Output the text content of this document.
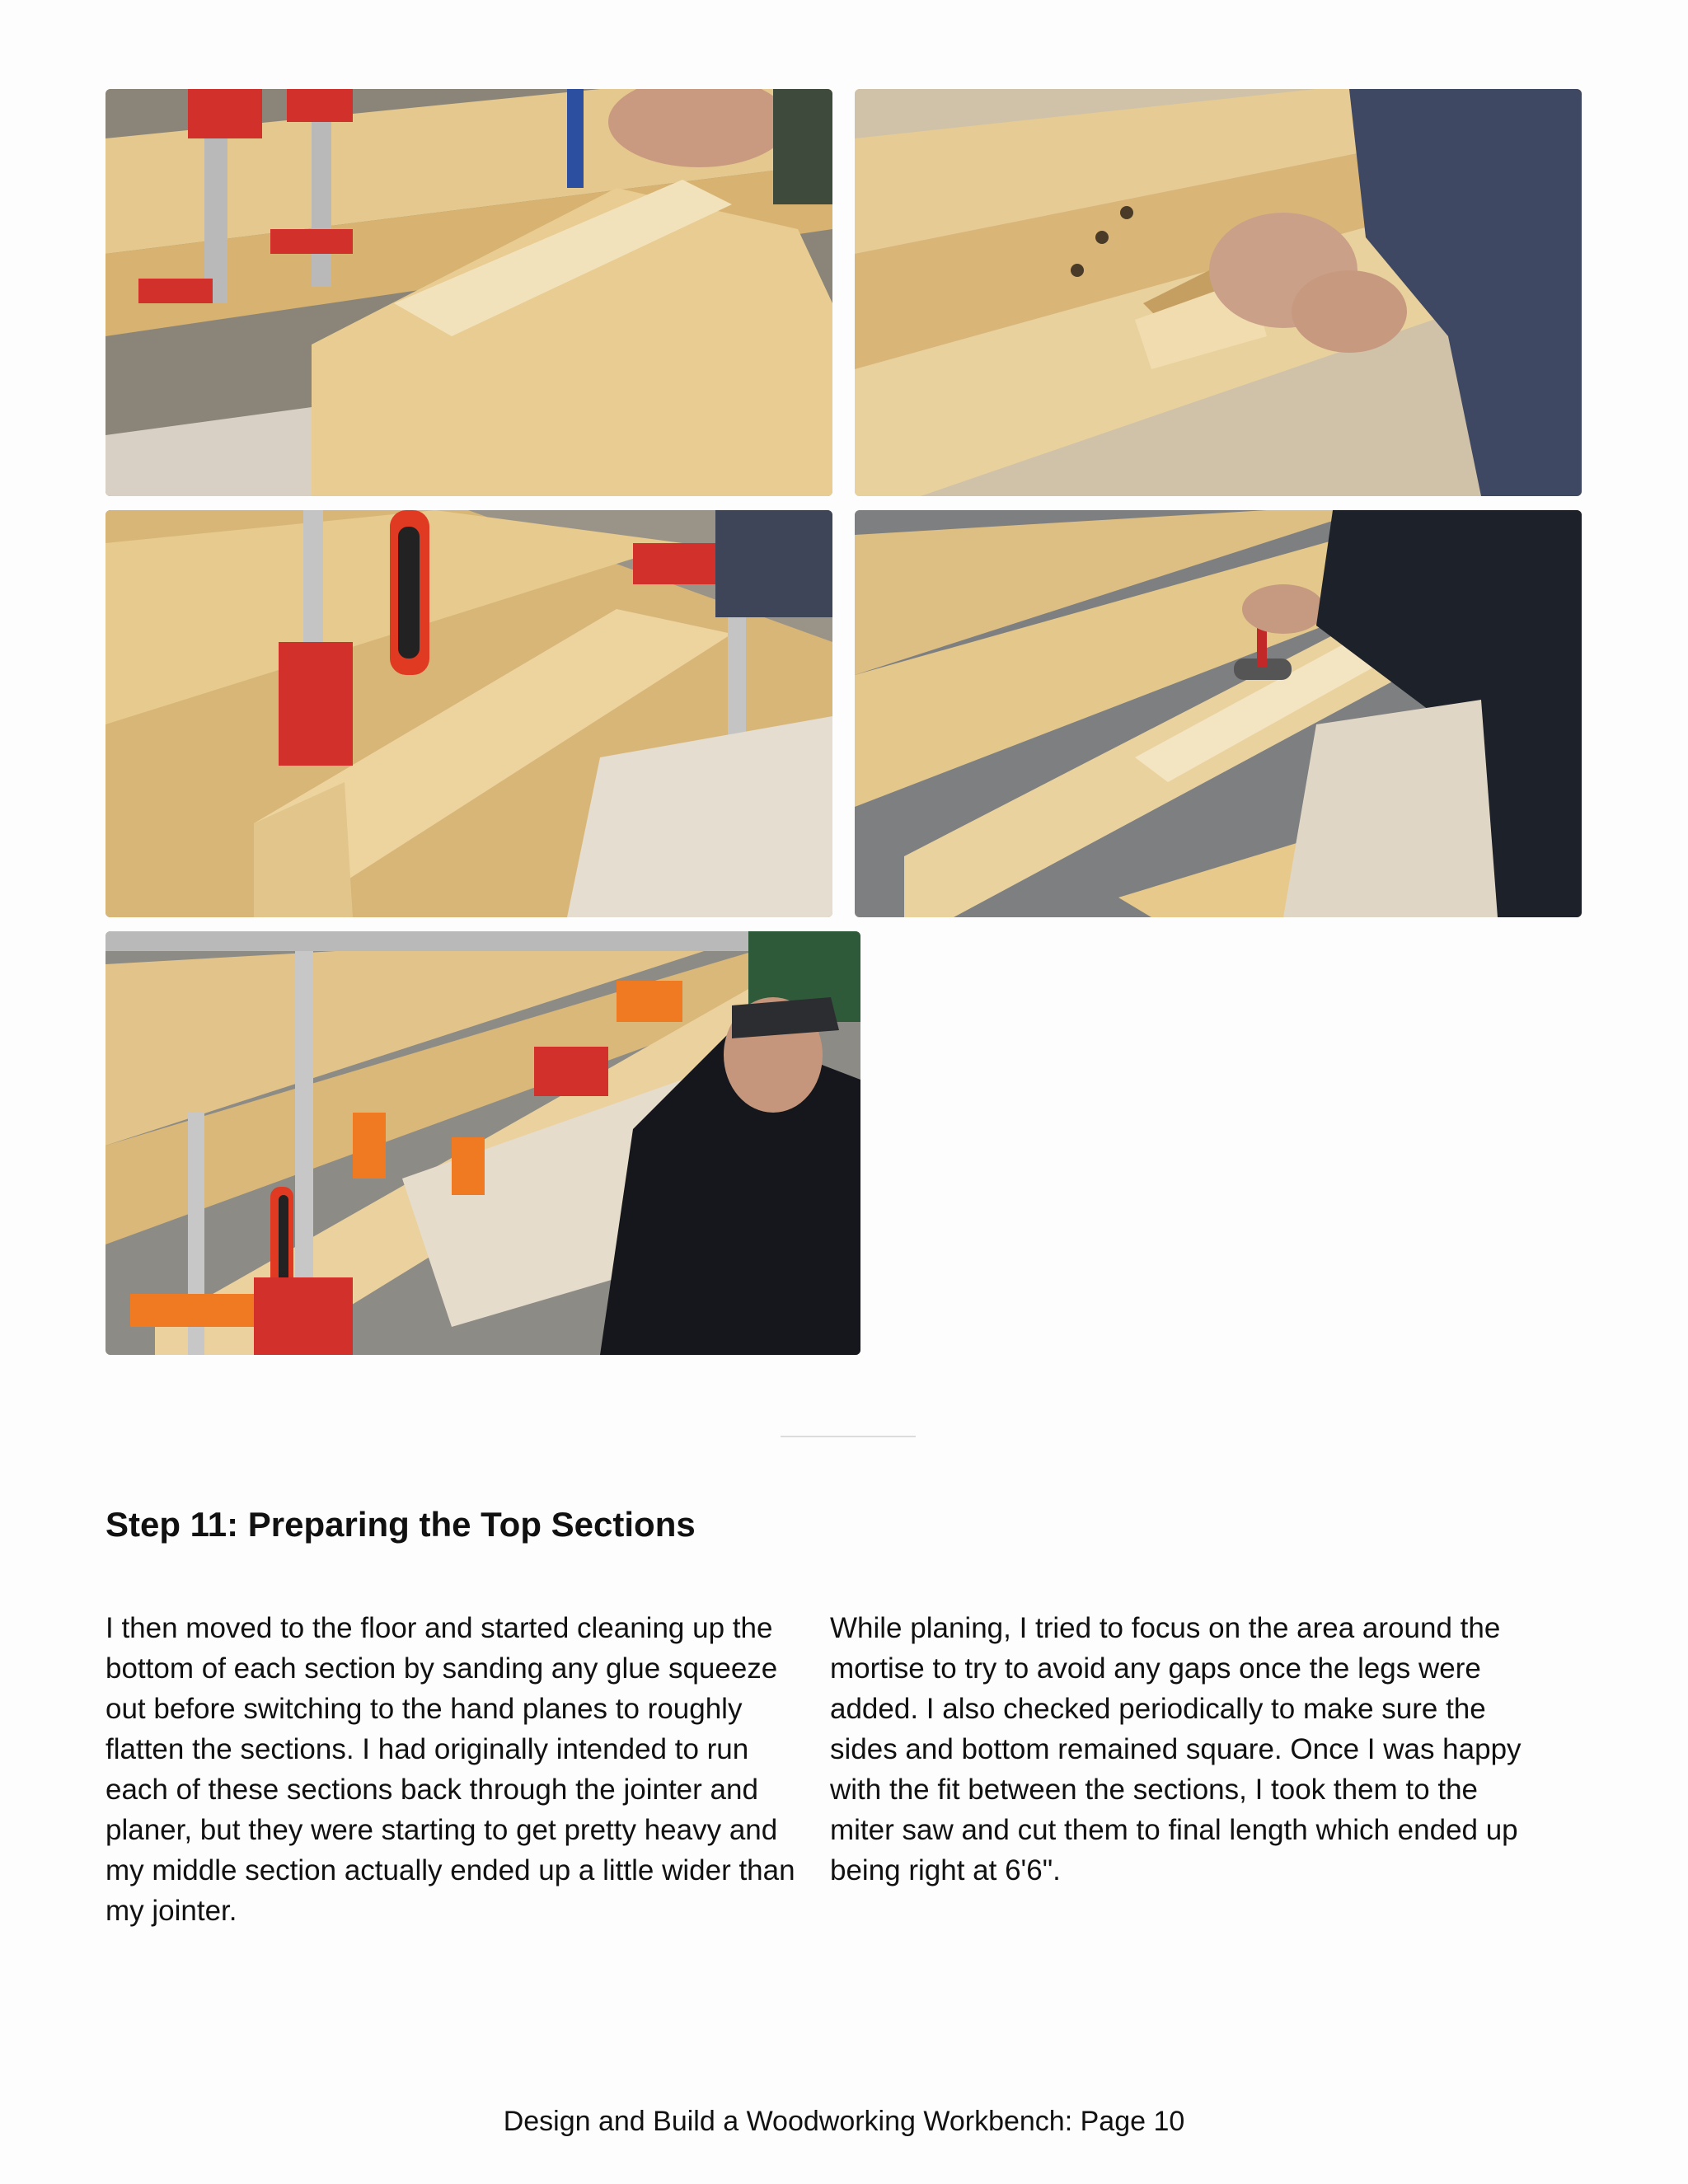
Step 11: Preparing the Top Sections

I then moved to the floor and started cleaning up the bottom of each section by sanding any glue squeeze out before switching to the hand planes to roughly flatten the sections. I had originally intended to run each of these sections back through the jointer and planer, but they were starting to get pretty heavy and my middle section actually ended up a little wider than my jointer.

While planing, I tried to focus on the area around the mortise to try to avoid any gaps once the legs were added. I also checked periodically to make sure the sides and bottom remained square. Once I was happy with the fit between the sections, I took them to the miter saw and cut them to final length which ended up being right at 6'6".

Design and Build a Woodworking Workbench: Page 10
